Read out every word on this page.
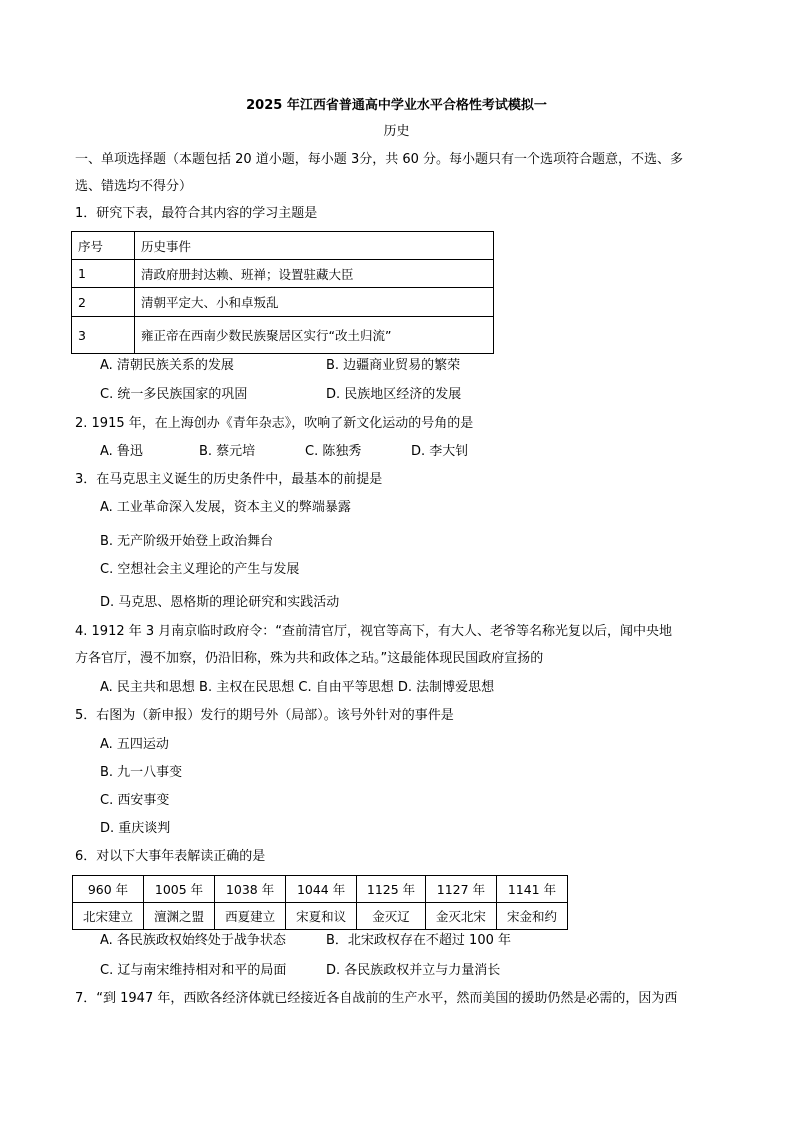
2025 年江西省普通高中学业水平合格性考试模拟一
历史
一、单项选择题（本题包括 20 道小题，每小题 3分，共 60 分。每小题只有一个选项符合题意，不选、多
选、错选均不得分）
1．研究下表，最符合其内容的学习主题是
序号	历史事件
1	清政府册封达赖、班禅；设置驻藏大臣
2	清朝平定大、小和卓叛乱
3	雍正帝在西南少数民族聚居区实行“改土归流”
A. 清朝民族关系的发展	B. 边疆商业贸易的繁荣
C. 统一多民族国家的巩固	D. 民族地区经济的发展
2. 1915 年，在上海创办《青年杂志》，吹响了新文化运动的号角的是
A. 鲁迅	B. 蔡元培	C. 陈独秀	D. 李大钊
3．在马克思主义诞生的历史条件中，最基本的前提是
A. 工业革命深入发展，资本主义的弊端暴露
B. 无产阶级开始登上政治舞台
C. 空想社会主义理论的产生与发展
D. 马克思、恩格斯的理论研究和实践活动
4. 1912 年 3 月南京临时政府令：“查前清官厅，视官等高下，有大人、老爷等名称光复以后，闻中央地
方各官厅，漫不加察，仍沿旧称，殊为共和政体之玷。”这最能体现民国政府宣扬的
A. 民主共和思想 B. 主权在民思想 C. 自由平等思想 D. 法制博爱思想
5．右图为（新申报）发行的期号外（局部）。该号外针对的事件是
A. 五四运动
B. 九一八事变
C. 西安事变
D. 重庆谈判
6．对以下大事年表解读正确的是
960 年	1005 年	1038 年	1044 年	1125 年	1127 年	1141 年
北宋建立	澶渊之盟	西夏建立	宋夏和议	金灭辽	金灭北宋	宋金和约
A. 各民族政权始终处于战争状态	B．北宋政权存在不超过 100 年
C. 辽与南宋维持相对和平的局面	D. 各民族政权并立与力量消长
7．“到 1947 年，西欧各经济体就已经接近各自战前的生产水平，然而美国的援助仍然是必需的，因为西
